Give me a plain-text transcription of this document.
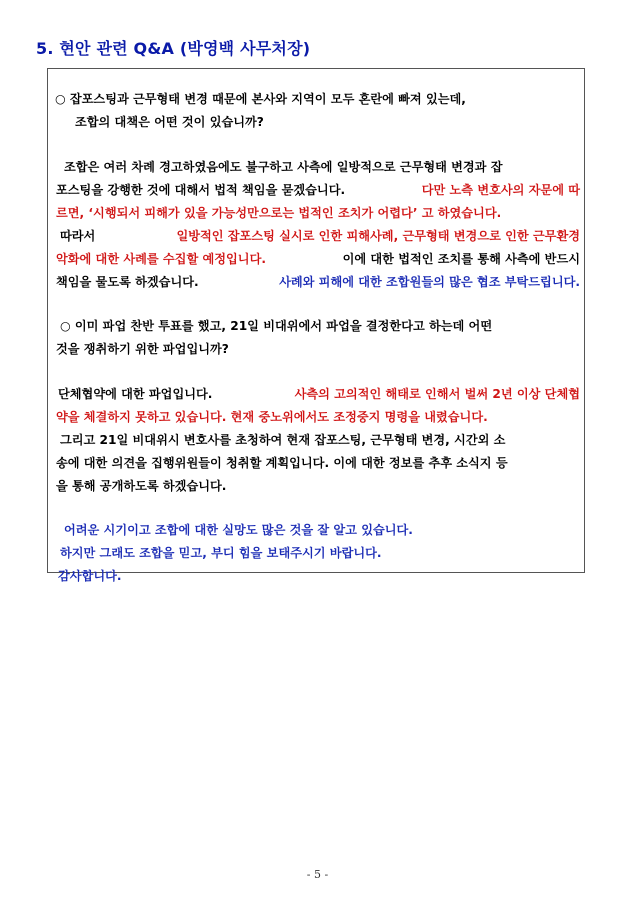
5. 현안 관련 Q&A (박영백 사무처장)
○ 잡포스팅과 근무형태 변경 때문에 본사와 지역이 모두 혼란에 빠져 있는데,
조합의 대책은 어떤 것이 있습니까?
조합은 여러 차례 경고하였음에도 불구하고 사측에 일방적으로 근무형태 변경과 잡
포스팅을 강행한 것에 대해서 법적 책임을 묻겠습니다.	다만 노측 변호사의 자문에 따
르면, ‘시행되서 피해가 있을 가능성만으로는 법적인 조치가 어렵다’ 고 하였습니다.
따라서	일방적인 잡포스팅 실시로 인한 피해사례, 근무형태 변경으로 인한 근무환경
악화에 대한 사례를 수집할 예정입니다.	이에 대한 법적인 조치를 통해 사측에 반드시
책임을 물도록 하겠습니다.	사례와 피해에 대한 조합원들의 많은 협조 부탁드립니다.
○ 이미 파업 찬반 투표를 했고, 21일 비대위에서 파업을 결정한다고 하는데 어떤
것을 쟁취하기 위한 파업입니까?
단체협약에 대한 파업입니다.	사측의 고의적인 해태로 인해서 벌써 2년 이상 단체협
약을 체결하지 못하고 있습니다. 현재 중노위에서도 조정중지 명령을 내렸습니다.
그리고 21일 비대위시 변호사를 초청하여 현재 잡포스팅, 근무형태 변경, 시간외 소
송에 대한 의견을 집행위원들이 청취할 계획입니다. 이에 대한 정보를 추후 소식지 등
을 통해 공개하도록 하겠습니다.
어려운 시기이고 조합에 대한 실망도 많은 것을 잘 알고 있습니다.
하지만 그래도 조합을 믿고, 부디 힘을 보태주시기 바랍니다.
감사합니다.
- 5 -
